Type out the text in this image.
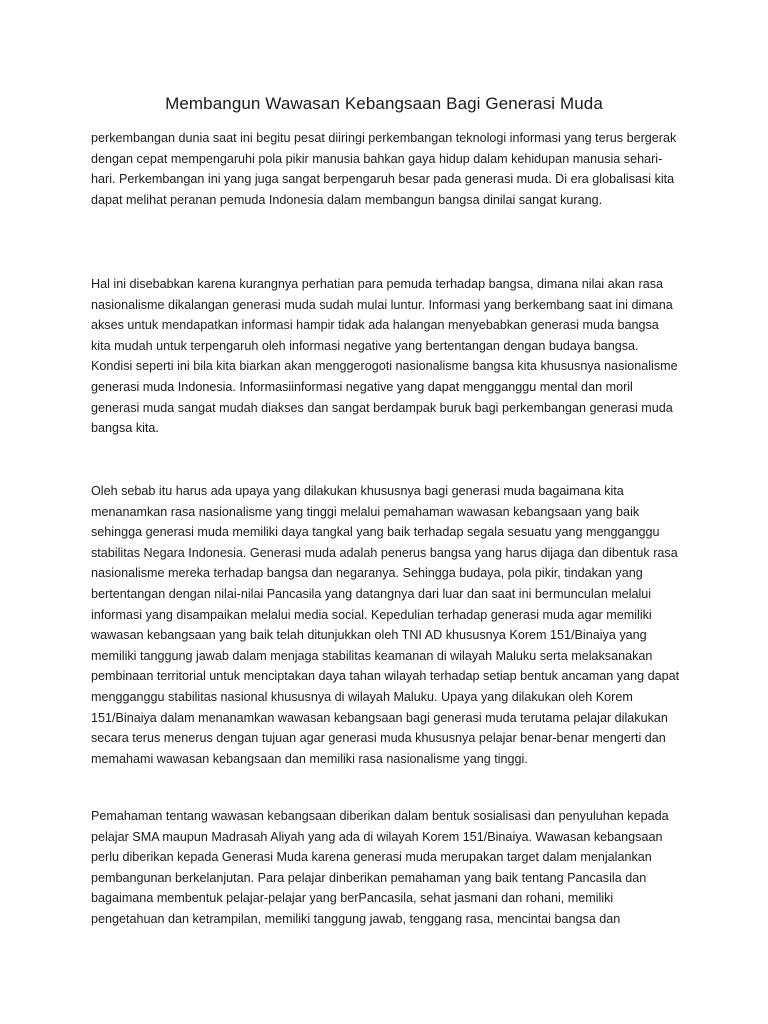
Membangun Wawasan Kebangsaan Bagi Generasi Muda

perkembangan dunia saat ini begitu pesat diiringi perkembangan teknologi informasi yang terus bergerak dengan cepat mempengaruhi pola pikir manusia bahkan gaya hidup dalam kehidupan manusia sehari-hari. Perkembangan ini yang juga sangat berpengaruh besar pada generasi muda. Di era globalisasi kita dapat melihat peranan pemuda Indonesia dalam membangun bangsa dinilai sangat kurang.

Hal ini disebabkan karena kurangnya perhatian para pemuda terhadap bangsa, dimana nilai akan rasa nasionalisme dikalangan generasi muda sudah mulai luntur. Informasi yang berkembang saat ini dimana akses untuk mendapatkan informasi hampir tidak ada halangan menyebabkan generasi muda bangsa kita mudah untuk terpengaruh oleh informasi negative yang bertentangan dengan budaya bangsa. Kondisi seperti ini bila kita biarkan akan menggerogoti nasionalisme bangsa kita khususnya nasionalisme generasi muda Indonesia. Informasiinformasi negative yang dapat mengganggu mental dan moril generasi muda sangat mudah diakses dan sangat berdampak buruk bagi perkembangan generasi muda bangsa kita.

Oleh sebab itu harus ada upaya yang dilakukan khususnya bagi generasi muda bagaimana kita menanamkan rasa nasionalisme yang tinggi melalui pemahaman wawasan kebangsaan yang baik sehingga generasi muda memiliki daya tangkal yang baik terhadap segala sesuatu yang mengganggu stabilitas Negara Indonesia. Generasi muda adalah penerus bangsa yang harus dijaga dan dibentuk rasa nasionalisme mereka terhadap bangsa dan negaranya. Sehingga budaya, pola pikir, tindakan yang bertentangan dengan nilai-nilai Pancasila yang datangnya dari luar dan saat ini bermunculan melalui informasi yang disampaikan melalui media social. Kepedulian terhadap generasi muda agar memiliki wawasan kebangsaan yang baik telah ditunjukkan oleh TNI AD khususnya Korem 151/Binaiya yang memiliki tanggung jawab dalam menjaga stabilitas keamanan di wilayah Maluku serta melaksanakan pembinaan territorial untuk menciptakan daya tahan wilayah terhadap setiap bentuk ancaman yang dapat mengganggu stabilitas nasional khususnya di wilayah Maluku. Upaya yang dilakukan oleh Korem 151/Binaiya dalam menanamkan wawasan kebangsaan bagi generasi muda terutama pelajar dilakukan secara terus menerus dengan tujuan agar generasi muda khususnya pelajar benar-benar mengerti dan memahami wawasan kebangsaan dan memiliki rasa nasionalisme yang tinggi.

Pemahaman tentang wawasan kebangsaan diberikan dalam bentuk sosialisasi dan penyuluhan kepada pelajar SMA maupun Madrasah Aliyah yang ada di wilayah Korem 151/Binaiya. Wawasan kebangsaan perlu diberikan kepada Generasi Muda karena generasi muda merupakan target dalam menjalankan pembangunan berkelanjutan. Para pelajar dinberikan pemahaman yang baik tentang Pancasila dan bagaimana membentuk pelajar-pelajar yang berPancasila, sehat jasmani dan rohani, memiliki pengetahuan dan ketrampilan, memiliki tanggung jawab, tenggang rasa, mencintai bangsa dan
